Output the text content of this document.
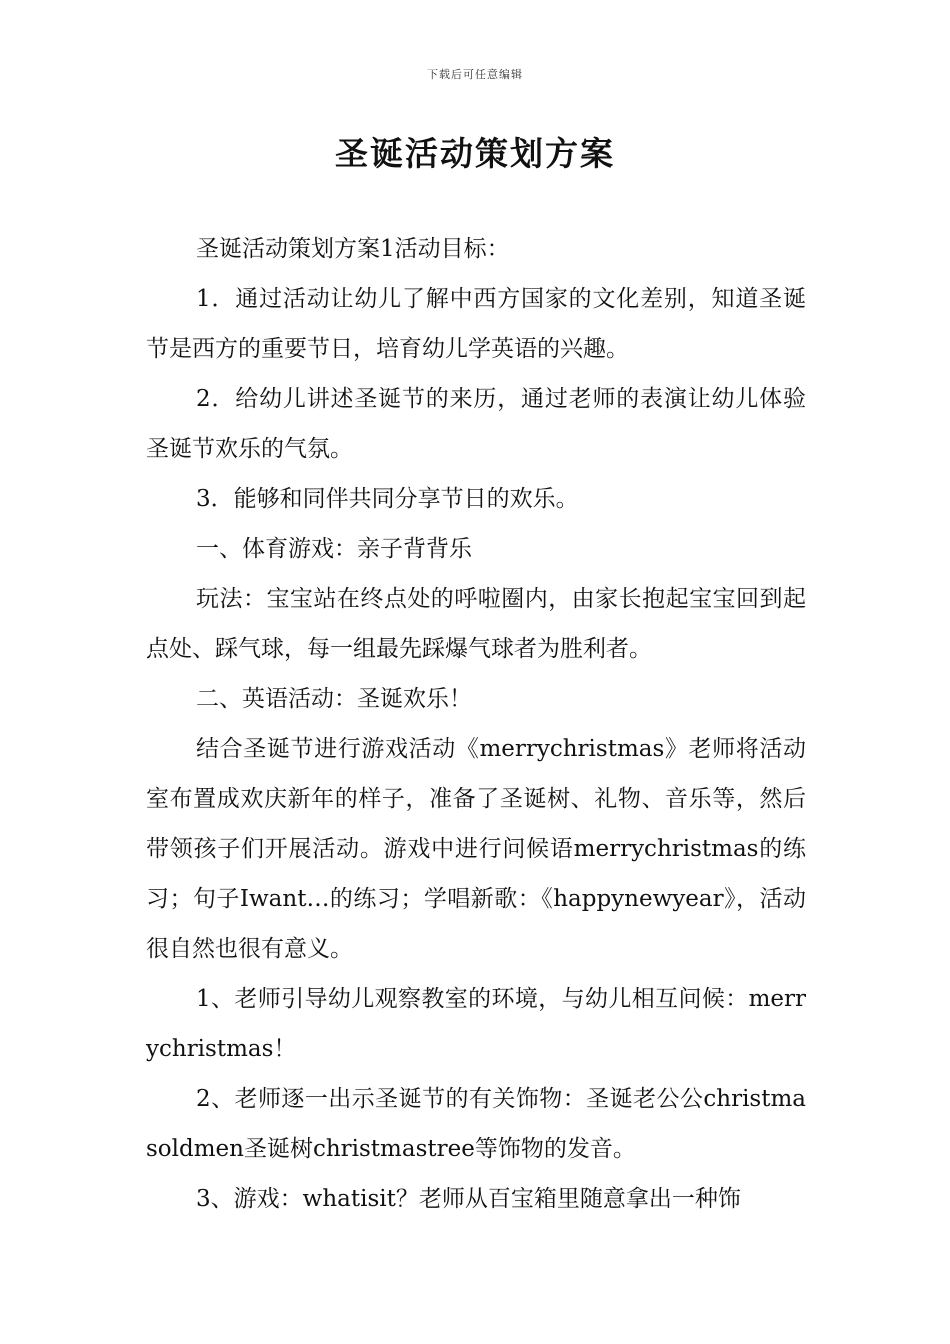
下载后可任意编辑
圣诞活动策划方案

圣诞活动策划方案1活动目标：

1．通过活动让幼儿了解中西方国家的文化差别，知道圣诞节是西方的重要节日，培育幼儿学英语的兴趣。

2．给幼儿讲述圣诞节的来历，通过老师的表演让幼儿体验圣诞节欢乐的气氛。

3．能够和同伴共同分享节日的欢乐。

一、体育游戏：亲子背背乐

玩法：宝宝站在终点处的呼啦圈内，由家长抱起宝宝回到起点处、踩气球，每一组最先踩爆气球者为胜利者。

二、英语活动：圣诞欢乐！

结合圣诞节进行游戏活动《merrychristmas》老师将活动室布置成欢庆新年的样子，准备了圣诞树、礼物、音乐等，然后带领孩子们开展活动。游戏中进行问候语merrychristmas的练习；句子Iwant…的练习；学唱新歌：《happynewyear》，活动很自然也很有意义。

1、老师引导幼儿观察教室的环境，与幼儿相互问候：merrychristmas！

2、老师逐一出示圣诞节的有关饰物：圣诞老公公christmasoldmen圣诞树christmastree等饰物的发音。

3、游戏：whatisit？老师从百宝箱里随意拿出一种饰
